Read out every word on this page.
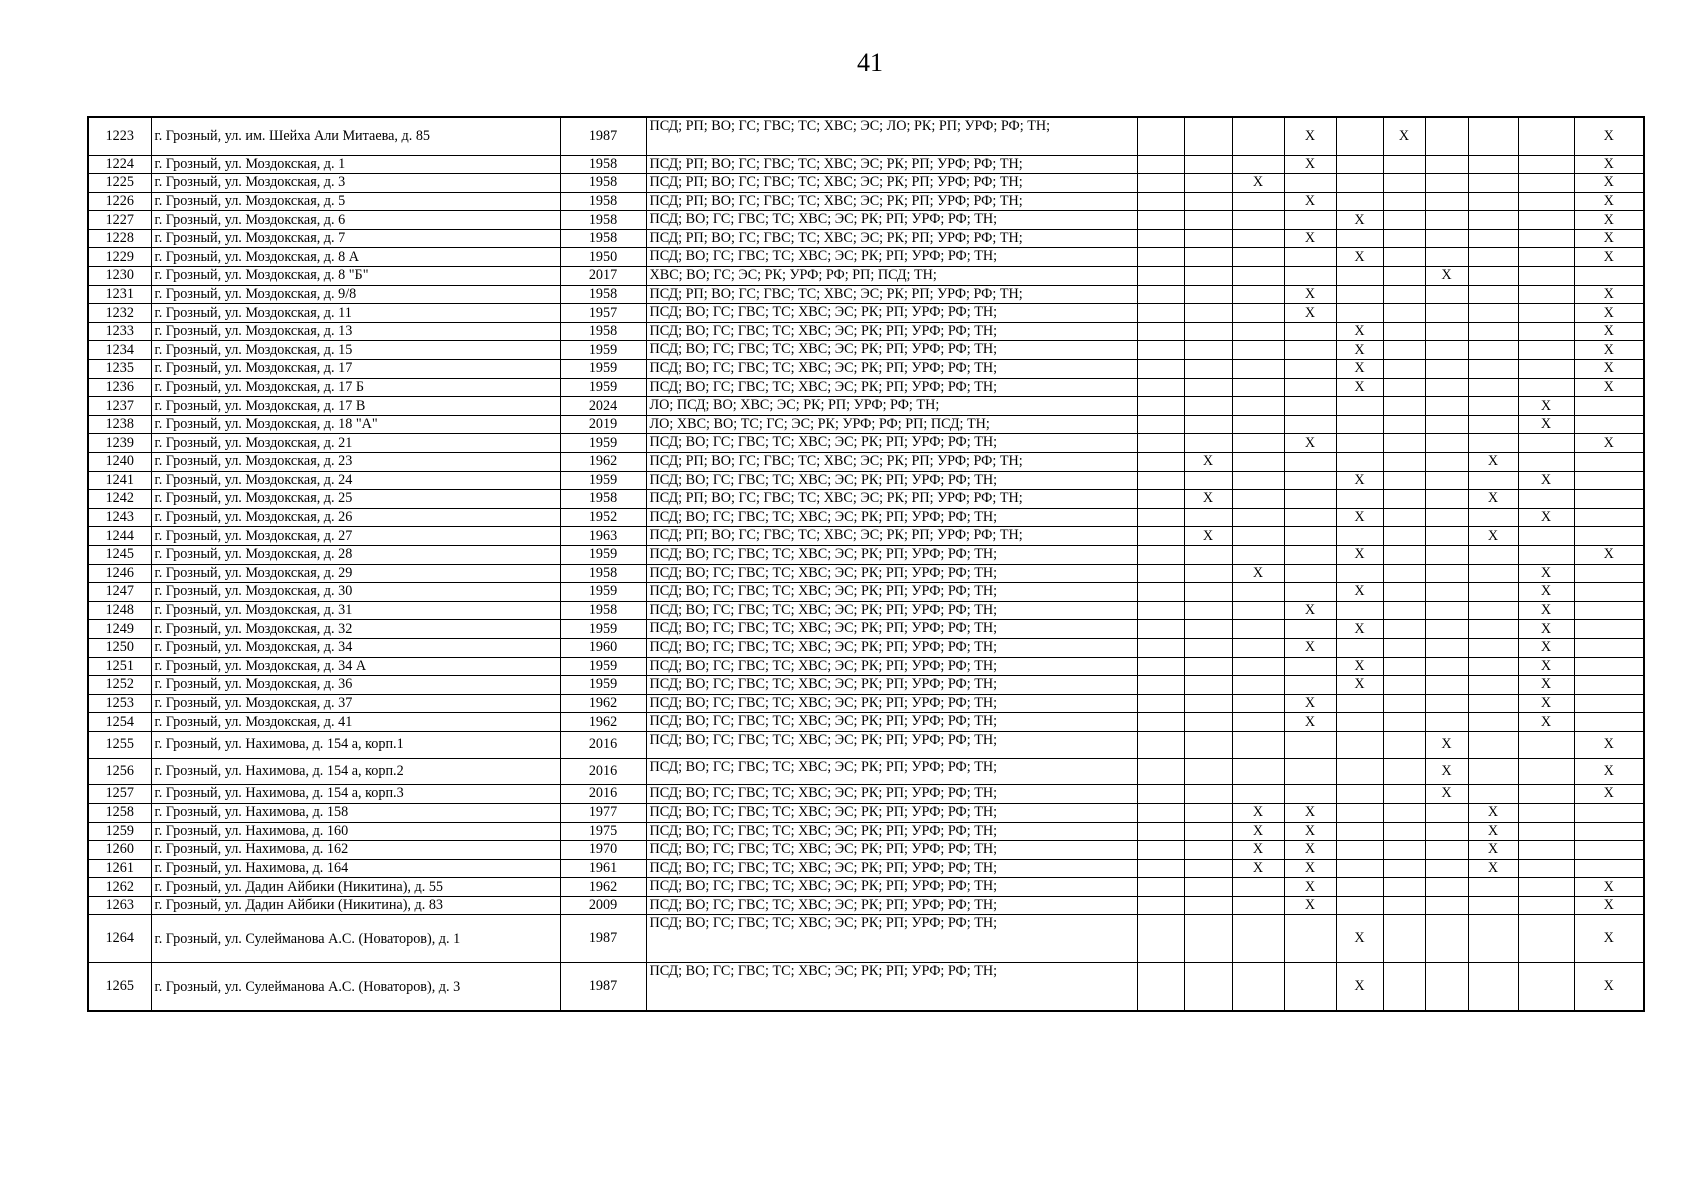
41
1223	г. Грозный, ул. им. Шейха Али Митаева, д. 85	1987	ПСД; РП; ВО; ГС; ГВС; ТС; ХВС; ЭС; ЛО; РК; РП; УРФ; РФ; ТН;				X		X				X
1224	г. Грозный, ул. Моздокская, д. 1	1958	ПСД; РП; ВО; ГС; ГВС; ТС; ХВС; ЭС; РК; РП; УРФ; РФ; ТН;				X						X
1225	г. Грозный, ул. Моздокская, д. 3	1958	ПСД; РП; ВО; ГС; ГВС; ТС; ХВС; ЭС; РК; РП; УРФ; РФ; ТН;			X							X
1226	г. Грозный, ул. Моздокская, д. 5	1958	ПСД; РП; ВО; ГС; ГВС; ТС; ХВС; ЭС; РК; РП; УРФ; РФ; ТН;				X						X
1227	г. Грозный, ул. Моздокская, д. 6	1958	ПСД; ВО; ГС; ГВС; ТС; ХВС; ЭС; РК; РП; УРФ; РФ; ТН;					X					X
1228	г. Грозный, ул. Моздокская, д. 7	1958	ПСД; РП; ВО; ГС; ГВС; ТС; ХВС; ЭС; РК; РП; УРФ; РФ; ТН;				X						X
1229	г. Грозный, ул. Моздокская, д. 8 А	1950	ПСД; ВО; ГС; ГВС; ТС; ХВС; ЭС; РК; РП; УРФ; РФ; ТН;					X					X
1230	г. Грозный, ул. Моздокская, д. 8 "Б"	2017	ХВС; ВО; ГС; ЭС; РК; УРФ; РФ; РП; ПСД; ТН;							X			
1231	г. Грозный, ул. Моздокская, д. 9/8	1958	ПСД; РП; ВО; ГС; ГВС; ТС; ХВС; ЭС; РК; РП; УРФ; РФ; ТН;				X						X
1232	г. Грозный, ул. Моздокская, д. 11	1957	ПСД; ВО; ГС; ГВС; ТС; ХВС; ЭС; РК; РП; УРФ; РФ; ТН;				X						X
1233	г. Грозный, ул. Моздокская, д. 13	1958	ПСД; ВО; ГС; ГВС; ТС; ХВС; ЭС; РК; РП; УРФ; РФ; ТН;					X					X
1234	г. Грозный, ул. Моздокская, д. 15	1959	ПСД; ВО; ГС; ГВС; ТС; ХВС; ЭС; РК; РП; УРФ; РФ; ТН;					X					X
1235	г. Грозный, ул. Моздокская, д. 17	1959	ПСД; ВО; ГС; ГВС; ТС; ХВС; ЭС; РК; РП; УРФ; РФ; ТН;					X					X
1236	г. Грозный, ул. Моздокская, д. 17 Б	1959	ПСД; ВО; ГС; ГВС; ТС; ХВС; ЭС; РК; РП; УРФ; РФ; ТН;					X					X
1237	г. Грозный, ул. Моздокская, д. 17 В	2024	ЛО; ПСД; ВО; ХВС; ЭС; РК; РП; УРФ; РФ; ТН;									X	
1238	г. Грозный, ул. Моздокская, д. 18 "А"	2019	ЛО; ХВС; ВО; ТС; ГС; ЭС; РК; УРФ; РФ; РП; ПСД; ТН;									X	
1239	г. Грозный, ул. Моздокская, д. 21	1959	ПСД; ВО; ГС; ГВС; ТС; ХВС; ЭС; РК; РП; УРФ; РФ; ТН;				X						X
1240	г. Грозный, ул. Моздокская, д. 23	1962	ПСД; РП; ВО; ГС; ГВС; ТС; ХВС; ЭС; РК; РП; УРФ; РФ; ТН;		X						X		
1241	г. Грозный, ул. Моздокская, д. 24	1959	ПСД; ВО; ГС; ГВС; ТС; ХВС; ЭС; РК; РП; УРФ; РФ; ТН;					X				X	
1242	г. Грозный, ул. Моздокская, д. 25	1958	ПСД; РП; ВО; ГС; ГВС; ТС; ХВС; ЭС; РК; РП; УРФ; РФ; ТН;		X						X		
1243	г. Грозный, ул. Моздокская, д. 26	1952	ПСД; ВО; ГС; ГВС; ТС; ХВС; ЭС; РК; РП; УРФ; РФ; ТН;					X				X	
1244	г. Грозный, ул. Моздокская, д. 27	1963	ПСД; РП; ВО; ГС; ГВС; ТС; ХВС; ЭС; РК; РП; УРФ; РФ; ТН;		X						X		
1245	г. Грозный, ул. Моздокская, д. 28	1959	ПСД; ВО; ГС; ГВС; ТС; ХВС; ЭС; РК; РП; УРФ; РФ; ТН;					X					X
1246	г. Грозный, ул. Моздокская, д. 29	1958	ПСД; ВО; ГС; ГВС; ТС; ХВС; ЭС; РК; РП; УРФ; РФ; ТН;			X						X	
1247	г. Грозный, ул. Моздокская, д. 30	1959	ПСД; ВО; ГС; ГВС; ТС; ХВС; ЭС; РК; РП; УРФ; РФ; ТН;					X				X	
1248	г. Грозный, ул. Моздокская, д. 31	1958	ПСД; ВО; ГС; ГВС; ТС; ХВС; ЭС; РК; РП; УРФ; РФ; ТН;				X					X	
1249	г. Грозный, ул. Моздокская, д. 32	1959	ПСД; ВО; ГС; ГВС; ТС; ХВС; ЭС; РК; РП; УРФ; РФ; ТН;					X				X	
1250	г. Грозный, ул. Моздокская, д. 34	1960	ПСД; ВО; ГС; ГВС; ТС; ХВС; ЭС; РК; РП; УРФ; РФ; ТН;				X					X	
1251	г. Грозный, ул. Моздокская, д. 34 А	1959	ПСД; ВО; ГС; ГВС; ТС; ХВС; ЭС; РК; РП; УРФ; РФ; ТН;					X				X	
1252	г. Грозный, ул. Моздокская, д. 36	1959	ПСД; ВО; ГС; ГВС; ТС; ХВС; ЭС; РК; РП; УРФ; РФ; ТН;					X				X	
1253	г. Грозный, ул. Моздокская, д. 37	1962	ПСД; ВО; ГС; ГВС; ТС; ХВС; ЭС; РК; РП; УРФ; РФ; ТН;				X					X	
1254	г. Грозный, ул. Моздокская, д. 41	1962	ПСД; ВО; ГС; ГВС; ТС; ХВС; ЭС; РК; РП; УРФ; РФ; ТН;				X					X	
1255	г. Грозный, ул. Нахимова, д. 154 а, корп.1	2016	ПСД; ВО; ГС; ГВС; ТС; ХВС; ЭС; РК; РП; УРФ; РФ; ТН;							X			X
1256	г. Грозный, ул. Нахимова, д. 154 а, корп.2	2016	ПСД; ВО; ГС; ГВС; ТС; ХВС; ЭС; РК; РП; УРФ; РФ; ТН;							X			X
1257	г. Грозный, ул. Нахимова, д. 154 а, корп.3	2016	ПСД; ВО; ГС; ГВС; ТС; ХВС; ЭС; РК; РП; УРФ; РФ; ТН;							X			X
1258	г. Грозный, ул. Нахимова, д. 158	1977	ПСД; ВО; ГС; ГВС; ТС; ХВС; ЭС; РК; РП; УРФ; РФ; ТН;			X	X				X		
1259	г. Грозный, ул. Нахимова, д. 160	1975	ПСД; ВО; ГС; ГВС; ТС; ХВС; ЭС; РК; РП; УРФ; РФ; ТН;			X	X				X		
1260	г. Грозный, ул. Нахимова, д. 162	1970	ПСД; ВО; ГС; ГВС; ТС; ХВС; ЭС; РК; РП; УРФ; РФ; ТН;			X	X				X		
1261	г. Грозный, ул. Нахимова, д. 164	1961	ПСД; ВО; ГС; ГВС; ТС; ХВС; ЭС; РК; РП; УРФ; РФ; ТН;			X	X				X		
1262	г. Грозный, ул. Дадин Айбики (Никитина), д. 55	1962	ПСД; ВО; ГС; ГВС; ТС; ХВС; ЭС; РК; РП; УРФ; РФ; ТН;				X						X
1263	г. Грозный, ул. Дадин Айбики (Никитина), д. 83	2009	ПСД; ВО; ГС; ГВС; ТС; ХВС; ЭС; РК; РП; УРФ; РФ; ТН;				X						X
1264	г. Грозный, ул. Сулейманова А.С. (Новаторов), д. 1	1987	ПСД; ВО; ГС; ГВС; ТС; ХВС; ЭС; РК; РП; УРФ; РФ; ТН;					X					X
1265	г. Грозный, ул. Сулейманова А.С. (Новаторов), д. 3	1987	ПСД; ВО; ГС; ГВС; ТС; ХВС; ЭС; РК; РП; УРФ; РФ; ТН;					X					X
